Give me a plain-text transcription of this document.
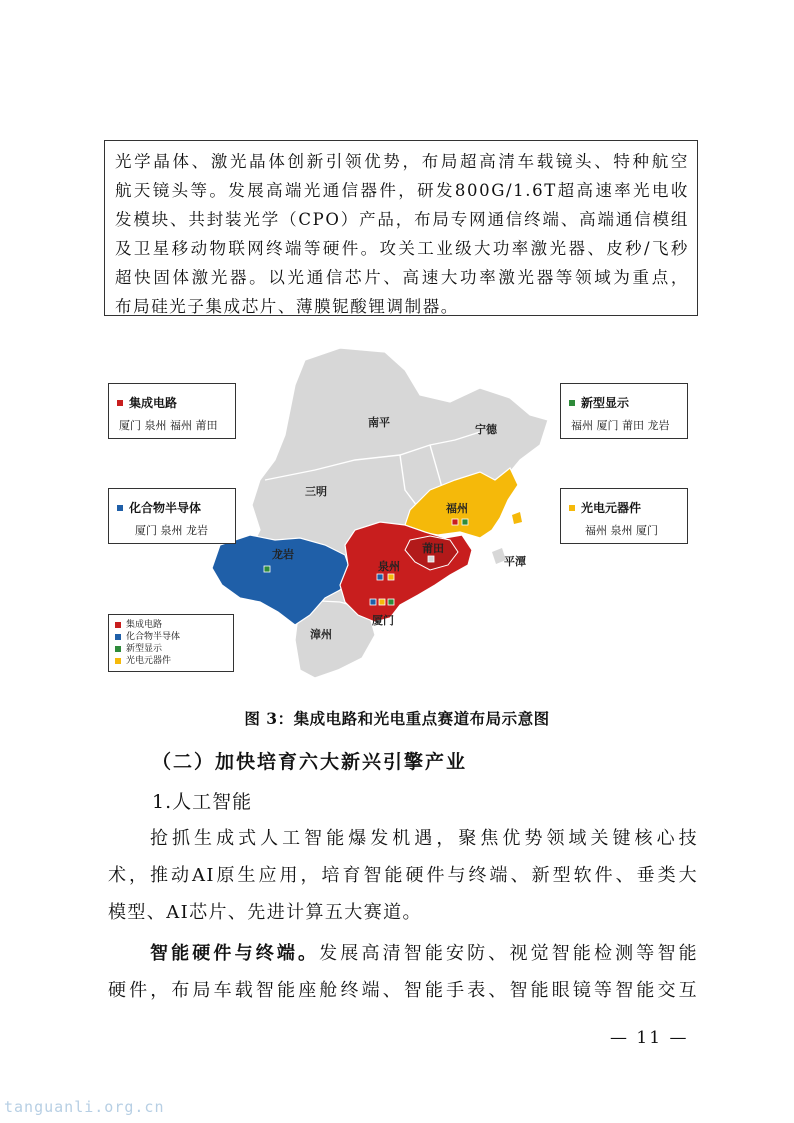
光学晶体、激光晶体创新引领优势，布局超高清车载镜头、特种航空

航天镜头等。发展高端光通信器件，研发800G/1.6T超高速率光电收

发模块、共封装光学（CPO）产品，布局专网通信终端、高端通信模组

及卫星移动物联网终端等硬件。攻关工业级大功率激光器、皮秒/飞秒

超快固体激光器。以光通信芯片、高速大功率激光器等领域为重点，

布局硅光子集成芯片、薄膜铌酸锂调制器。

南平
宁德
三明
福州
龙岩	莆田
平潭
泉州
漳州
厦门
集成电路
厦门 泉州 福州 莆田
新型显示
福州 厦门 莆田 龙岩
化合物半导体
厦门 泉州 龙岩
光电元器件
福州 泉州 厦门
集成电路
化合物半导体
新型显示
光电元器件
图 3：集成电路和光电重点赛道布局示意图
（二）加快培育六大新兴引擎产业
1.人工智能

抢抓生成式人工智能爆发机遇，聚焦优势领域关键核心技

术，推动AI原生应用，培育智能硬件与终端、新型软件、垂类大

模型、AI芯片、先进计算五大赛道。

智能硬件与终端。发展高清智能安防、视觉智能检测等智能

硬件，布局车载智能座舱终端、智能手表、智能眼镜等智能交互

— 11 —
tanguanli.org.cn
